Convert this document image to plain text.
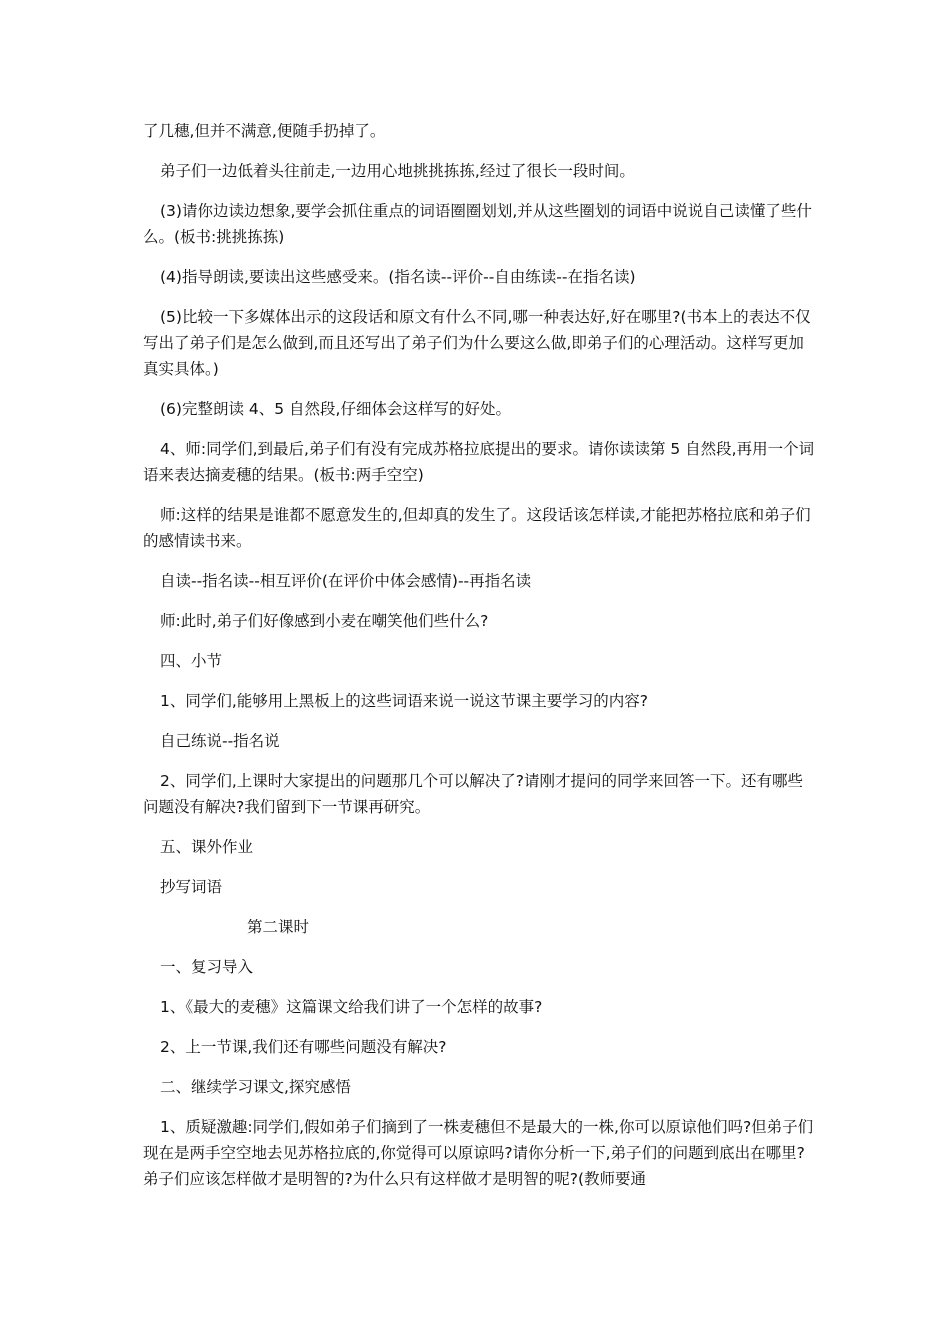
了几穗,但并不满意,便随手扔掉了。

弟子们一边低着头往前走,一边用心地挑挑拣拣,经过了很长一段时间。

(3)请你边读边想象,要学会抓住重点的词语圈圈划划,并从这些圈划的词语中说说自己读懂了些什么。(板书:挑挑拣拣)

(4)指导朗读,要读出这些感受来。(指名读--评价--自由练读--在指名读)

(5)比较一下多媒体出示的这段话和原文有什么不同,哪一种表达好,好在哪里?(书本上的表达不仅写出了弟子们是怎么做到,而且还写出了弟子们为什么要这么做,即弟子们的心理活动。这样写更加真实具体。)

(6)完整朗读 4、5 自然段,仔细体会这样写的好处。

4、师:同学们,到最后,弟子们有没有完成苏格拉底提出的要求。请你读读第 5 自然段,再用一个词语来表达摘麦穗的结果。(板书:两手空空)

师:这样的结果是谁都不愿意发生的,但却真的发生了。这段话该怎样读,才能把苏格拉底和弟子们的感情读书来。

自读--指名读--相互评价(在评价中体会感情)--再指名读

师:此时,弟子们好像感到小麦在嘲笑他们些什么?

四、小节

1、同学们,能够用上黑板上的这些词语来说一说这节课主要学习的内容?

自己练说--指名说

2、同学们,上课时大家提出的问题那几个可以解决了?请刚才提问的同学来回答一下。还有哪些问题没有解决?我们留到下一节课再研究。

五、课外作业

抄写词语

第二课时

一、复习导入

1、《最大的麦穗》这篇课文给我们讲了一个怎样的故事?

2、上一节课,我们还有哪些问题没有解决?

二、继续学习课文,探究感悟

1、质疑激趣:同学们,假如弟子们摘到了一株麦穗但不是最大的一株,你可以原谅他们吗?但弟子们现在是两手空空地去见苏格拉底的,你觉得可以原谅吗?请你分析一下,弟子们的问题到底出在哪里?弟子们应该怎样做才是明智的?为什么只有这样做才是明智的呢?(教师要通
